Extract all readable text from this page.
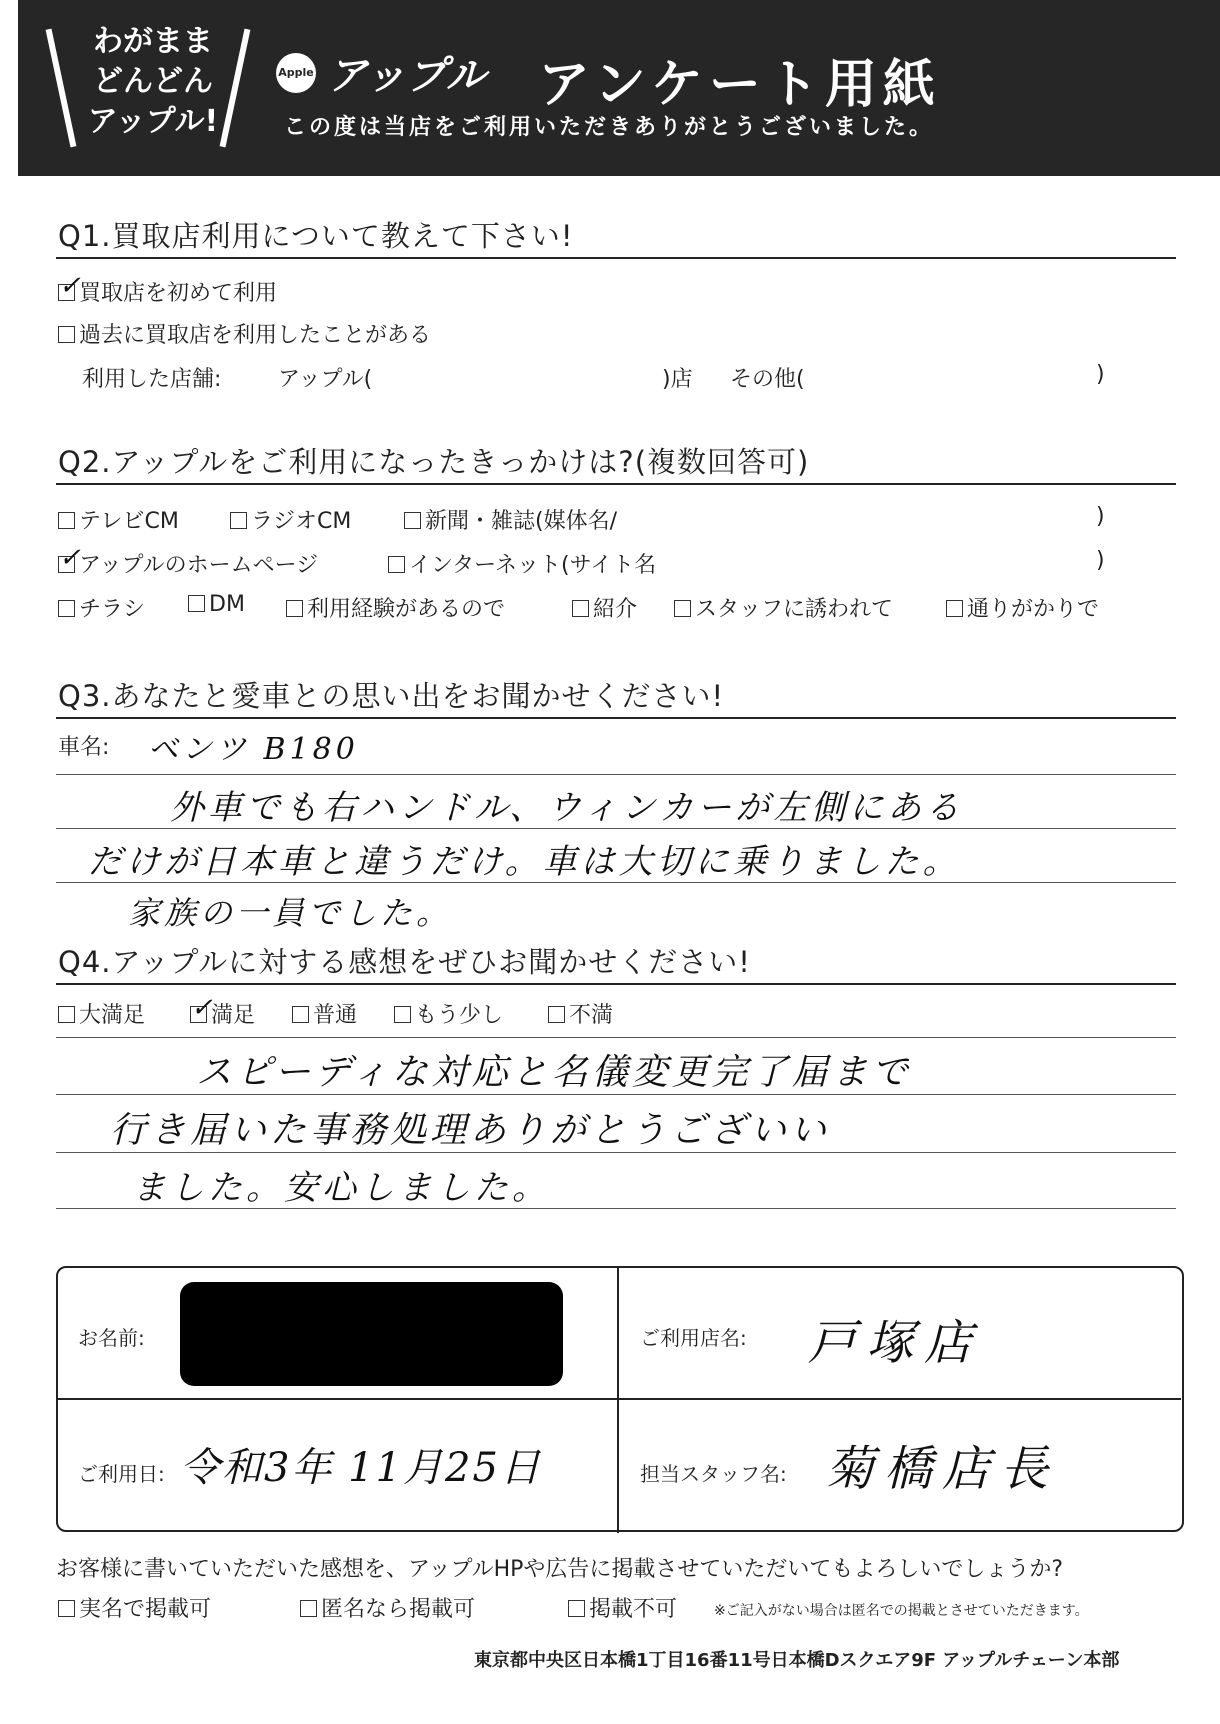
わがまま
どんどん
アップル!
Apple アップル アンケート用紙
この度は当店をご利用いただきありがとうございました。
Q1.買取店利用について教えて下さい!
✓
買取店を初めて利用
過去に買取店を利用したことがある
利用した店舗:	アップル(	)店 その他(	)
Q2.アップルをご利用になったきっかけは?(複数回答可)
テレビCM	ラジオCM	新聞・雑誌(媒体名/	)
✓
アップルのホームページ	インターネット(サイト名	)
チラシ	DM	利用経験があるので	紹介	スタッフに誘われて	通りがかりで
Q3.あなたと愛車との思い出をお聞かせください!
車名: ベンツ B180
外車でも右ハンドル、ウィンカーが左側にある
だけが日本車と違うだけ。車は大切に乗りました。
家族の一員でした。
Q4.アップルに対する感想をぜひお聞かせください!
大満足 ✓
満足	普通	もう少し	不満
スピーディな対応と名儀変更完了届まで
行き届いた事務処理ありがとうございい
ました。安心しました。
お名前:	ご利用店名: 戸塚店
ご利用日: 令和3年 11月25日	担当スタッフ名: 菊橋店長
お客様に書いていただいた感想を、アップルHPや広告に掲載させていただいてもよろしいでしょうか?
実名で掲載可	匿名なら掲載可	掲載不可	※ご記入がない場合は匿名での掲載とさせていただきます。
東京都中央区日本橋1丁目16番11号日本橋Dスクエア9F アップルチェーン本部
